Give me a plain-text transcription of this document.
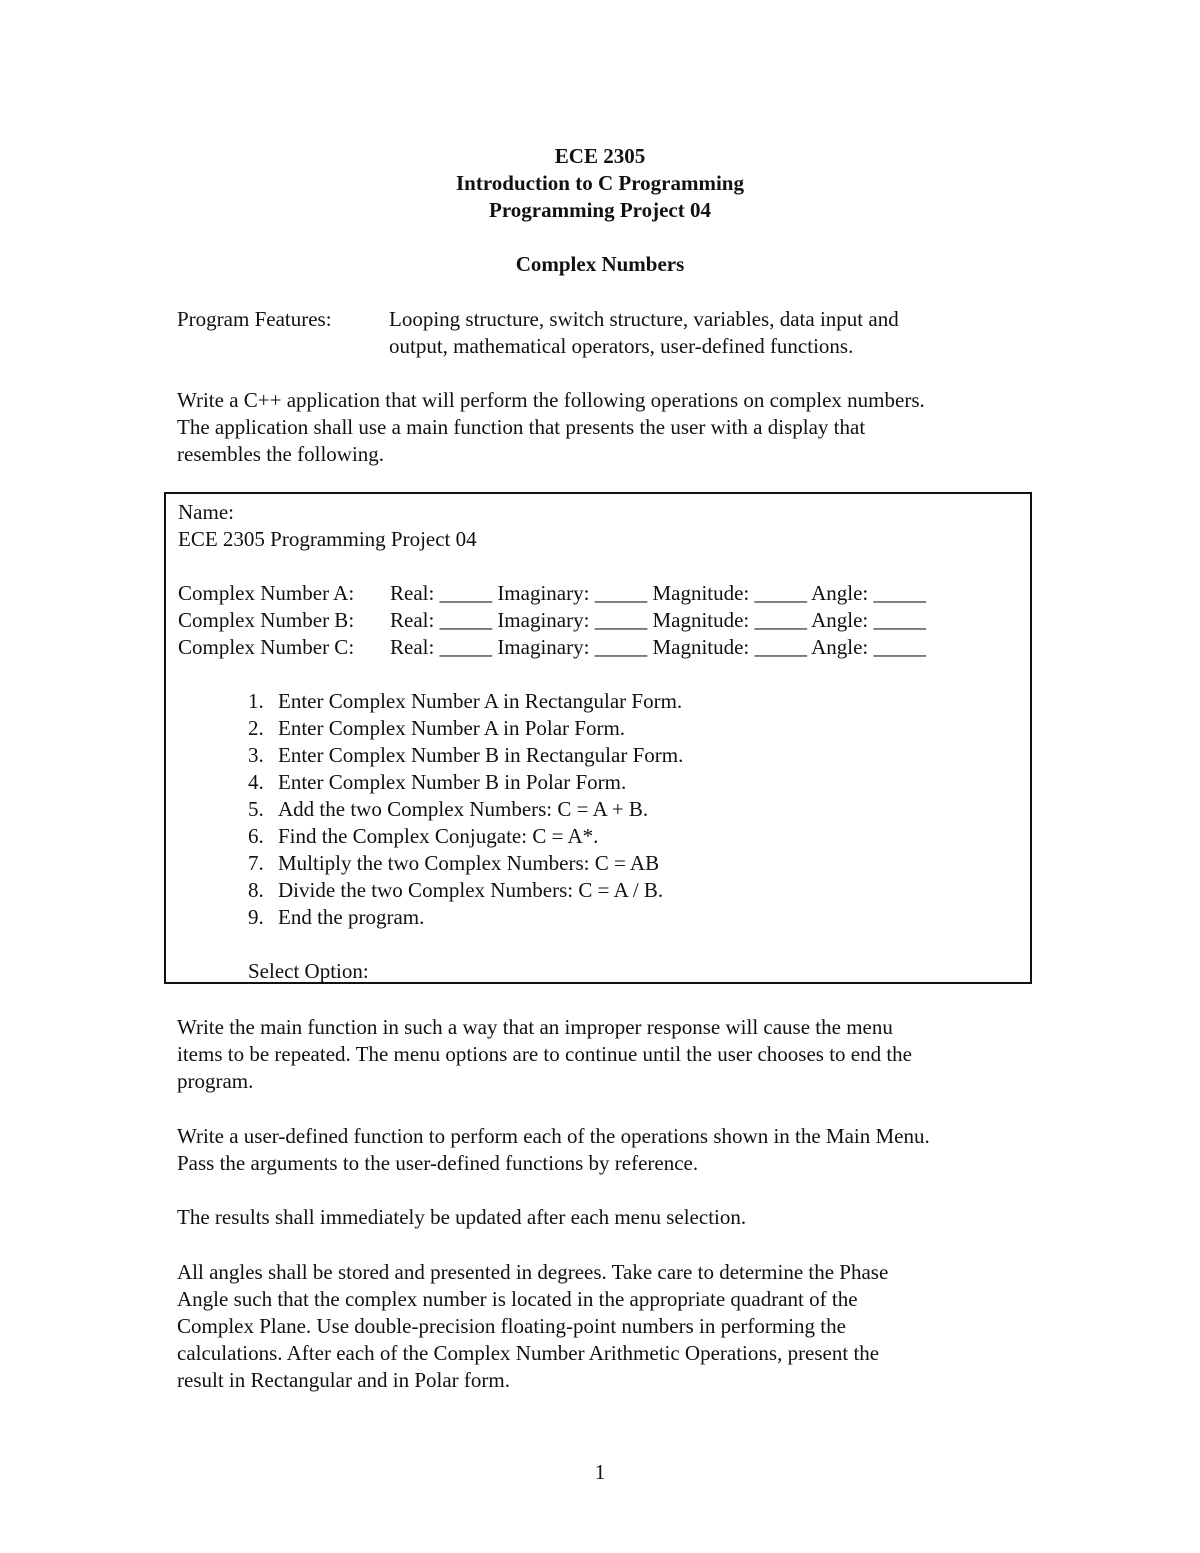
ECE 2305
Introduction to C Programming
Programming Project 04
Complex Numbers
Program Features:	Looping structure, switch structure, variables, data input and
output, mathematical operators, user-defined functions.
Write a C++ application that will perform the following operations on complex numbers.
The application shall use a main function that presents the user with a display that
resembles the following.
Name:
ECE 2305 Programming Project 04
Complex Number A: Real: _____ Imaginary: _____ Magnitude: _____ Angle: _____
Complex Number B: Real: _____ Imaginary: _____ Magnitude: _____ Angle: _____
Complex Number C: Real: _____ Imaginary: _____ Magnitude: _____ Angle: _____
1. Enter Complex Number A in Rectangular Form.
2. Enter Complex Number A in Polar Form.
3. Enter Complex Number B in Rectangular Form.
4. Enter Complex Number B in Polar Form.
5. Add the two Complex Numbers: C = A + B.
6. Find the Complex Conjugate: C = A*.
7. Multiply the two Complex Numbers: C = AB
8. Divide the two Complex Numbers: C = A / B.
9. End the program.
Select Option:
Write the main function in such a way that an improper response will cause the menu
items to be repeated. The menu options are to continue until the user chooses to end the
program.
Write a user-defined function to perform each of the operations shown in the Main Menu.
Pass the arguments to the user-defined functions by reference.
The results shall immediately be updated after each menu selection.
All angles shall be stored and presented in degrees. Take care to determine the Phase
Angle such that the complex number is located in the appropriate quadrant of the
Complex Plane. Use double-precision floating-point numbers in performing the
calculations. After each of the Complex Number Arithmetic Operations, present the
result in Rectangular and in Polar form.
1
